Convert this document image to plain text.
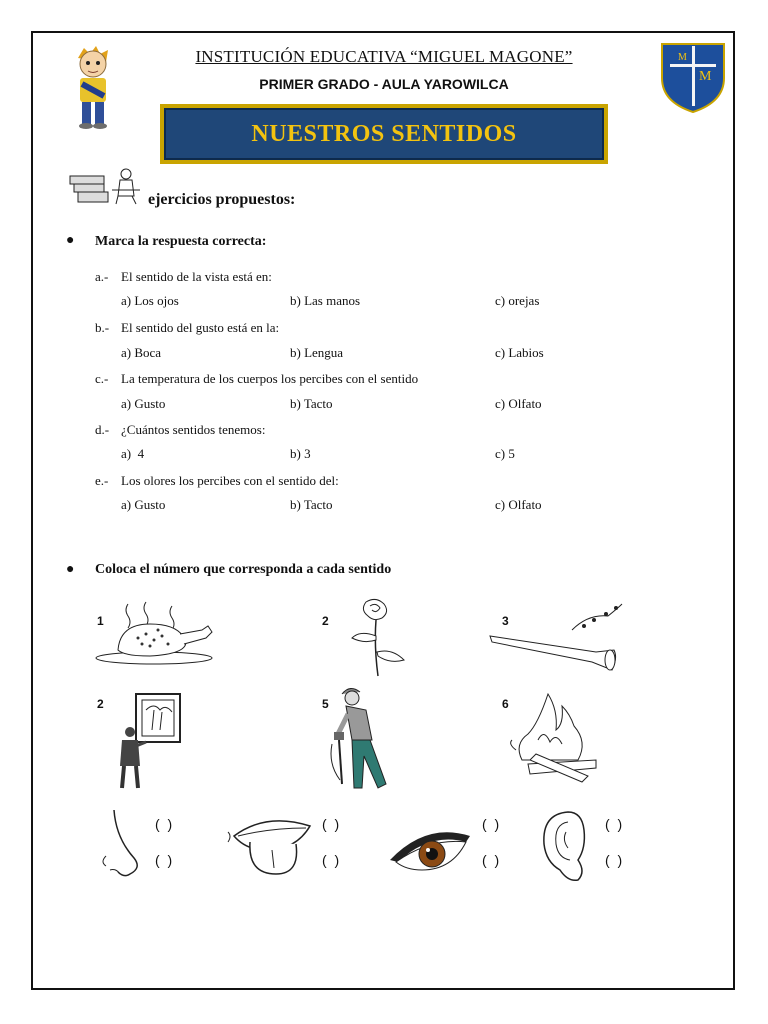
INSTITUCIÓN EDUCATIVA “MIGUEL MAGONE”
PRIMER GRADO - AULA YAROWILCA
M
M
NUESTROS SENTIDOS
ejercicios propuestos:
● Marca la respuesta correcta:
a.- El sentido de la vista está en:
a) Los ojos	b) Las manos	c) orejas
b.- El sentido del gusto está en la:
a) Boca	b) Lengua	c) Labios
c.- La temperatura de los cuerpos los percibes con el sentido
a) Gusto	b) Tacto	c) Olfato
d.- ¿Cuántos sentidos tenemos:
a)  4	b) 3	c) 5
e.- Los olores los percibes con el sentido del:
a) Gusto	b) Tacto	c) Olfato
● Coloca el número que corresponda a cada sentido
1	2	3
2	5	6
( )
( )
( )
( )
( )
( )
( )
( )
